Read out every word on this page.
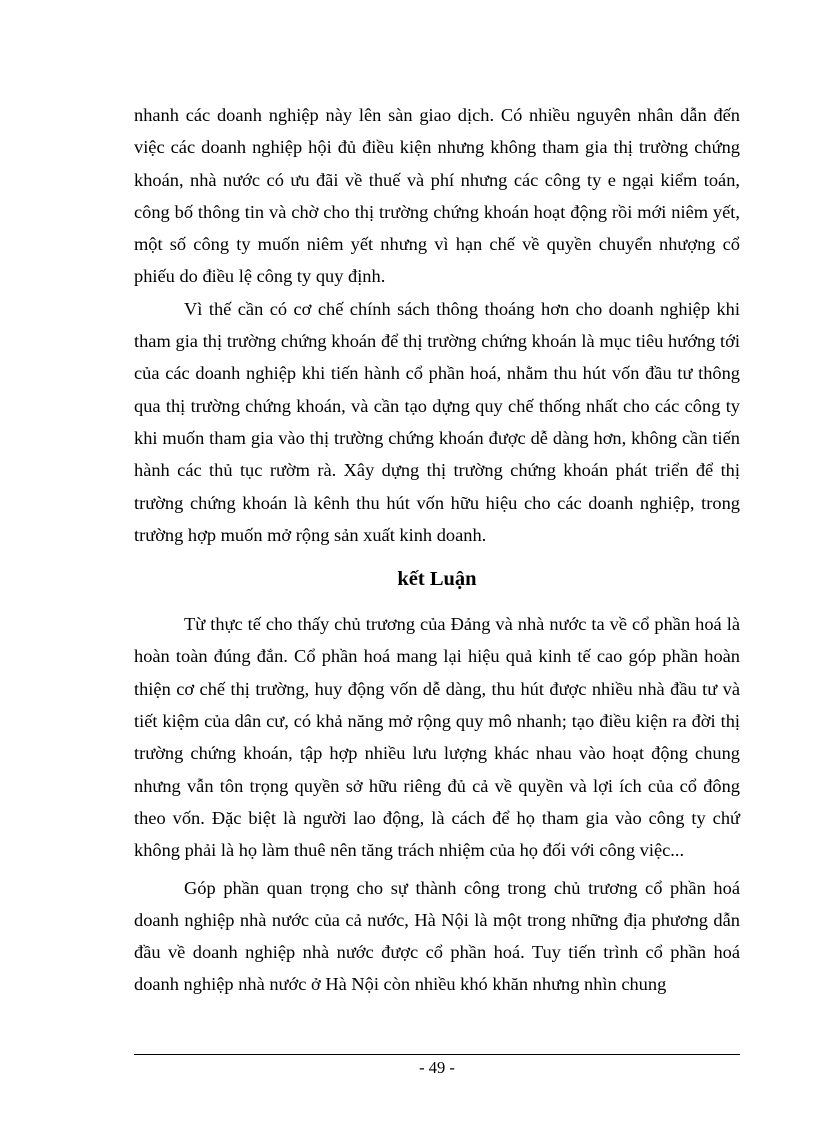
nhanh các doanh nghiệp này lên sàn giao dịch. Có nhiều nguyên nhân dẫn đến việc các doanh nghiệp hội đủ điều kiện nhưng không tham gia thị trường chứng khoán, nhà nước có ưu đãi về thuế và phí nhưng các công ty e ngại kiểm toán, công bố thông tin và chờ cho thị trường chứng khoán hoạt động rồi mới niêm yết, một số công ty muốn niêm yết nhưng vì hạn chế về quyền chuyển nhượng cổ phiếu do điều lệ công ty quy định.

Vì thế cần có cơ chế chính sách thông thoáng hơn cho doanh nghiệp khi tham gia thị trường chứng khoán để thị trường chứng khoán là mục tiêu hướng tới của các doanh nghiệp khi tiến hành cổ phần hoá, nhằm thu hút vốn đầu tư thông qua thị trường chứng khoán, và cần tạo dựng quy chế thống nhất cho các công ty khi muốn tham gia vào thị trường chứng khoán được dễ dàng hơn, không cần tiến hành các thủ tục rườm rà. Xây dựng thị trường chứng khoán phát triển để thị trường chứng khoán là kênh thu hút vốn hữu hiệu cho các doanh nghiệp, trong trường hợp muốn mở rộng sản xuất kinh doanh.

kết Luận

Từ thực tế cho thấy chủ trương của Đảng và nhà nước ta về cổ phần hoá là hoàn toàn đúng đắn. Cổ phần hoá mang lại hiệu quả kinh tế cao góp phần hoàn thiện cơ chế thị trường, huy động vốn dễ dàng, thu hút được nhiều nhà đầu tư và tiết kiệm của dân cư, có khả năng mở rộng quy mô nhanh; tạo điều kiện ra đời thị trường chứng khoán, tập hợp nhiều lưu lượng khác nhau vào hoạt động chung nhưng vẫn tôn trọng quyền sở hữu riêng đủ cả về quyền và lợi ích của cổ đông theo vốn. Đặc biệt là người lao động, là cách để họ tham gia vào công ty chứ không phải là họ làm thuê nên tăng trách nhiệm của họ đối với công việc...

Góp phần quan trọng cho sự thành công trong chủ trương cổ phần hoá doanh nghiệp nhà nước của cả nước, Hà Nội là một trong những địa phương dẫn đầu về doanh nghiệp nhà nước được cổ phần hoá. Tuy tiến trình cổ phần hoá doanh nghiệp nhà nước ở Hà Nội còn nhiều khó khăn nhưng nhìn chung

- 49 -
